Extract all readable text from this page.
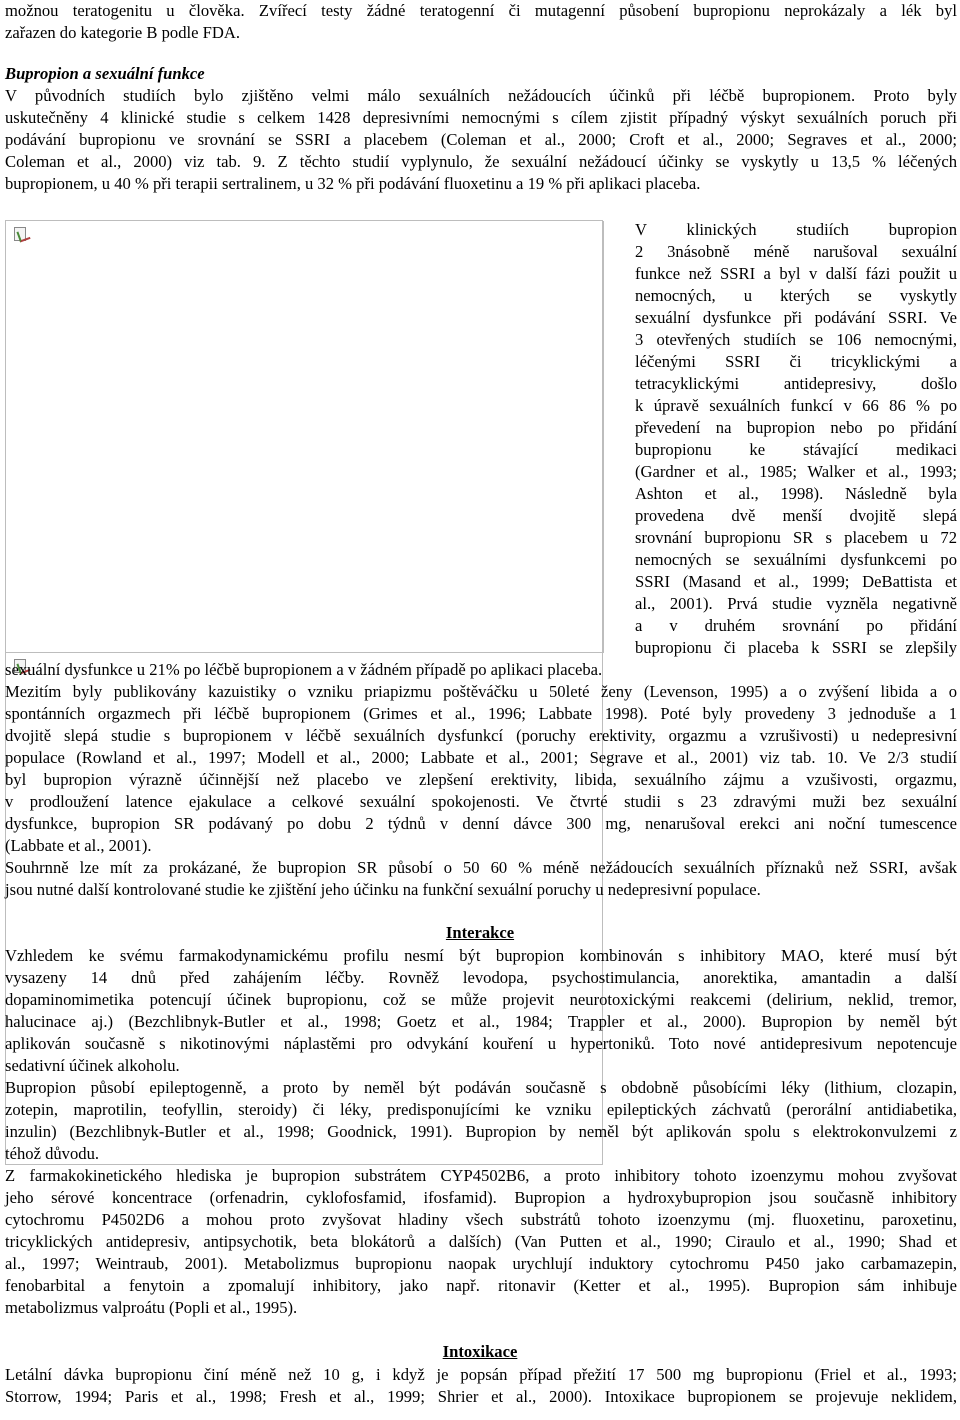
možnou teratogenitu u člověka. Zvířecí testy žádné teratogenní či mutagenní působení bupropionu neprokázaly a lék byl
zařazen do kategorie B podle FDA.
Bupropion a sexuální funkce
V původních studiích bylo zjištěno velmi málo sexuálních nežádoucích účinků při léčbě bupropionem. Proto byly
uskutečněny 4 klinické studie s celkem 1428 depresivními nemocnými s cílem zjistit případný výskyt sexuálních poruch při
podávání bupropionu ve srovnání se SSRI a placebem (Coleman et al., 2000; Croft et al., 2000; Segraves et al., 2000;
Coleman et al., 2000) viz tab. 9. Z těchto studií vyplynulo, že sexuální nežádoucí účinky se vyskytly u 13,5 % léčených
bupropionem, u 40 % při terapii sertralinem, u 32 % při podávání fluoxetinu a 19 % při aplikaci placeba.
V klinických studiích bupropion
2 3násobně méně narušoval sexuální
funkce než SSRI a byl v další fázi použit u
nemocných, u kterých se vyskytly
sexuální dysfunkce při podávání SSRI. Ve
3 otevřených studiích se 106 nemocnými,
léčenými SSRI či tricyklickými a
tetracyklickými antidepresivy, došlo
k úpravě sexuálních funkcí v 66 86 % po
převedení na bupropion nebo po přidání
bupropionu ke stávající medikaci
(Gardner et al., 1985; Walker et al., 1993;
Ashton et al., 1998). Následně byla
provedena dvě menší dvojitě slepá
srovnání bupropionu SR s placebem u 72
nemocných se sexuálními dysfunkcemi po
SSRI (Masand et al., 1999; DeBattista et
al., 2001). Prvá studie vyzněla negativně
a v druhém srovnání po přidání
bupropionu či placeba k SSRI se zlepšily
sexuální dysfunkce u 21% po léčbě bupropionem a v žádném případě po aplikaci placeba.
Mezitím byly publikovány kazuistiky o vzniku priapizmu poštěváčku u 50leté ženy (Levenson, 1995) a o zvýšení libida a o
spontánních orgazmech při léčbě bupropionem (Grimes et al., 1996; Labbate 1998). Poté byly provedeny 3 jednoduše a 1
dvojitě slepá studie s bupropionem v léčbě sexuálních dysfunkcí (poruchy erektivity, orgazmu a vzrušivosti) u nedepresivní
populace (Rowland et al., 1997; Modell et al., 2000; Labbate et al., 2001; Segrave et al., 2001) viz tab. 10. Ve 2/3 studií
byl bupropion výrazně účinnější než placebo ve zlepšení erektivity, libida, sexuálního zájmu a vzušivosti, orgazmu,
v prodloužení latence ejakulace a celkové sexuální spokojenosti. Ve čtvrté studii s 23 zdravými muži bez sexuální
dysfunkce, bupropion SR podávaný po dobu 2 týdnů v denní dávce 300 mg, nenarušoval erekci ani noční tumescence
(Labbate et al., 2001).
Souhrnně lze mít za prokázané, že bupropion SR působí o 50 60 % méně nežádoucích sexuálních příznaků než SSRI, avšak
jsou nutné další kontrolované studie ke zjištění jeho účinku na funkční sexuální poruchy u nedepresivní populace.
Interakce
Vzhledem ke svému farmakodynamickému profilu nesmí být bupropion kombinován s inhibitory MAO, které musí být
vysazeny 14 dnů před zahájením léčby. Rovněž levodopa, psychostimulancia, anorektika, amantadin a další
dopaminomimetika potencují účinek bupropionu, což se může projevit neurotoxickými reakcemi (delirium, neklid, tremor,
halucinace aj.) (Bezchlibnyk-Butler et al., 1998; Goetz et al., 1984; Trappler et al., 2000). Bupropion by neměl být
aplikován současně s nikotinovými náplastěmi pro odvykání kouření u hypertoniků. Toto nové antidepresivum nepotencuje
sedativní účinek alkoholu.
Bupropion působí epileptogenně, a proto by neměl být podáván současně s obdobně působícími léky (lithium, clozapin,
zotepin, maprotilin, teofyllin, steroidy) či léky, predisponujícími ke vzniku epileptických záchvatů (perorální antidiabetika,
inzulin) (Bezchlibnyk-Butler et al., 1998; Goodnick, 1991). Bupropion by neměl být aplikován spolu s elektrokonvulzemi z
téhož důvodu.
Z farmakokinetického hlediska je bupropion substrátem CYP4502B6, a proto inhibitory tohoto izoenzymu mohou zvyšovat
jeho sérové koncentrace (orfenadrin, cyklofosfamid, ifosfamid). Bupropion a hydroxybupropion jsou současně inhibitory
cytochromu P4502D6 a mohou proto zvyšovat hladiny všech substrátů tohoto izoenzymu (mj. fluoxetinu, paroxetinu,
tricyklických antidepresiv, antipsychotik, beta blokátorů a dalších) (Van Putten et al., 1990; Ciraulo et al., 1990; Shad et
al., 1997; Weintraub, 2001). Metabolizmus bupropionu naopak urychlují induktory cytochromu P450 jako carbamazepin,
fenobarbital a fenytoin a zpomalují inhibitory, jako např. ritonavir (Ketter et al., 1995). Bupropion sám inhibuje
metabolizmus valproátu (Popli et al., 1995).
Intoxikace
Letální dávka bupropionu činí méně než 10 g, i když je popsán případ přežití 17 500 mg bupropionu (Friel et al., 1993;
Storrow, 1994; Paris et al., 1998; Fresh et al., 1999; Shrier et al., 2000). Intoxikace bupropionem se projevuje neklidem,
